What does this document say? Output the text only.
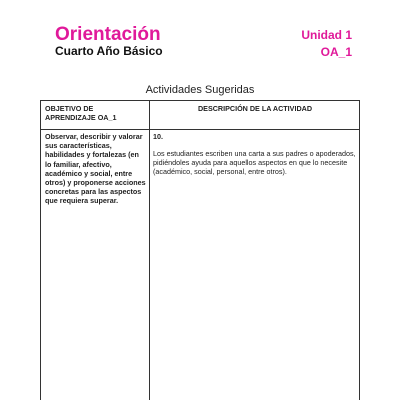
Orientación
Cuarto Año Básico
Unidad 1
OA_1
Actividades Sugeridas
OBJETIVO DE APRENDIZAJE OA_1
DESCRIPCIÓN DE LA ACTIVIDAD
Observar, describir y valorar sus características, habilidades y fortalezas (en lo familiar, afectivo, académico y social, entre otros) y proponerse acciones concretas para las aspectos que requiera superar.
10.
Los estudiantes escriben una carta a sus padres o apoderados, pidiéndoles ayuda para aquellos aspectos en que lo necesite (académico, social, personal, entre otros).
